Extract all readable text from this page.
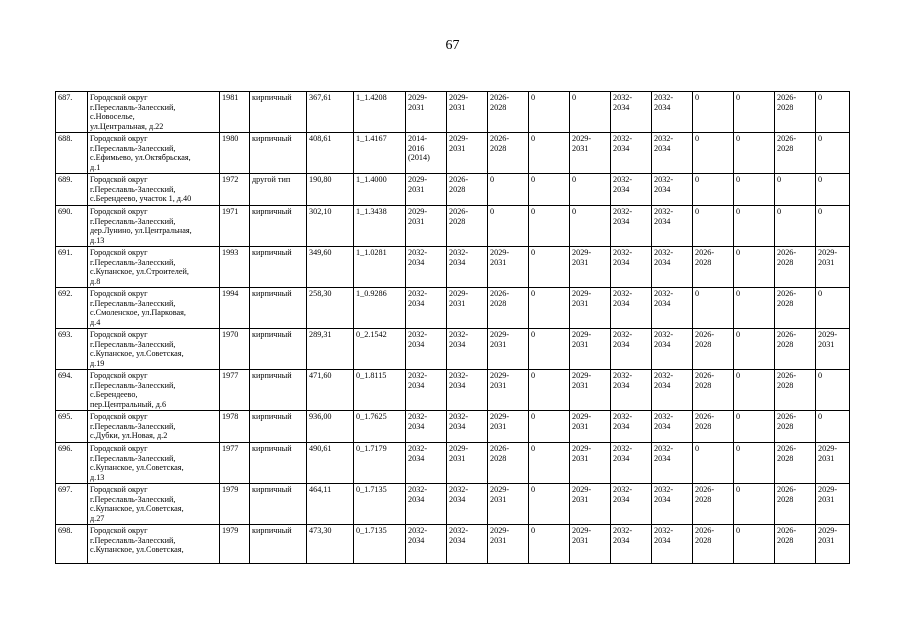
67
687.	Городской округ
г.Переславль-Залесский,
с.Новоселье,
ул.Центральная, д.22	1981	кирпичный	367,61	1_1.4208	2029-
2031	2029-
2031	2026-
2028	0	0	2032-
2034	2032-
2034	0	0	2026-
2028	0
688.	Городской округ
г.Переславль-Залесский,
с.Ефимьево, ул.Октябрьская,
д.1	1980	кирпичный	408,61	1_1.4167	2014-
2016
(2014)	2029-
2031	2026-
2028	0	2029-
2031	2032-
2034	2032-
2034	0	0	2026-
2028	0
689.	Городской округ
г.Переславль-Залесский,
с.Берендеево, участок 1, д.40	1972	другой тип	190,80	1_1.4000	2029-
2031	2026-
2028	0	0	0	2032-
2034	2032-
2034	0	0	0	0
690.	Городской округ
г.Переславль-Залесский,
дер.Лунино, ул.Центральная,
д.13	1971	кирпичный	302,10	1_1.3438	2029-
2031	2026-
2028	0	0	0	2032-
2034	2032-
2034	0	0	0	0
691.	Городской округ
г.Переславль-Залесский,
с.Купанское, ул.Строителей,
д.8	1993	кирпичный	349,60	1_1.0281	2032-
2034	2032-
2034	2029-
2031	0	2029-
2031	2032-
2034	2032-
2034	2026-
2028	0	2026-
2028	2029-
2031
692.	Городской округ
г.Переславль-Залесский,
с.Смоленское, ул.Парковая,
д.4	1994	кирпичный	258,30	1_0.9286	2032-
2034	2029-
2031	2026-
2028	0	2029-
2031	2032-
2034	2032-
2034	0	0	2026-
2028	0
693.	Городской округ
г.Переславль-Залесский,
с.Купанское, ул.Советская,
д.19	1970	кирпичный	289,31	0_2.1542	2032-
2034	2032-
2034	2029-
2031	0	2029-
2031	2032-
2034	2032-
2034	2026-
2028	0	2026-
2028	2029-
2031
694.	Городской округ
г.Переславль-Залесский,
с.Берендеево,
пер.Центральный, д.6	1977	кирпичный	471,60	0_1.8115	2032-
2034	2032-
2034	2029-
2031	0	2029-
2031	2032-
2034	2032-
2034	2026-
2028	0	2026-
2028	0
695.	Городской округ
г.Переславль-Залесский,
с.Дубки, ул.Новая, д.2	1978	кирпичный	936,00	0_1.7625	2032-
2034	2032-
2034	2029-
2031	0	2029-
2031	2032-
2034	2032-
2034	2026-
2028	0	2026-
2028	0
696.	Городской округ
г.Переславль-Залесский,
с.Купанское, ул.Советская,
д.13	1977	кирпичный	490,61	0_1.7179	2032-
2034	2029-
2031	2026-
2028	0	2029-
2031	2032-
2034	2032-
2034	0	0	2026-
2028	2029-
2031
697.	Городской округ
г.Переславль-Залесский,
с.Купанское, ул.Советская,
д.27	1979	кирпичный	464,11	0_1.7135	2032-
2034	2032-
2034	2029-
2031	0	2029-
2031	2032-
2034	2032-
2034	2026-
2028	0	2026-
2028	2029-
2031
698.	Городской округ
г.Переславль-Залесский,
с.Купанское, ул.Советская,	1979	кирпичный	473,30	0_1.7135	2032-
2034	2032-
2034	2029-
2031	0	2029-
2031	2032-
2034	2032-
2034	2026-
2028	0	2026-
2028	2029-
2031
